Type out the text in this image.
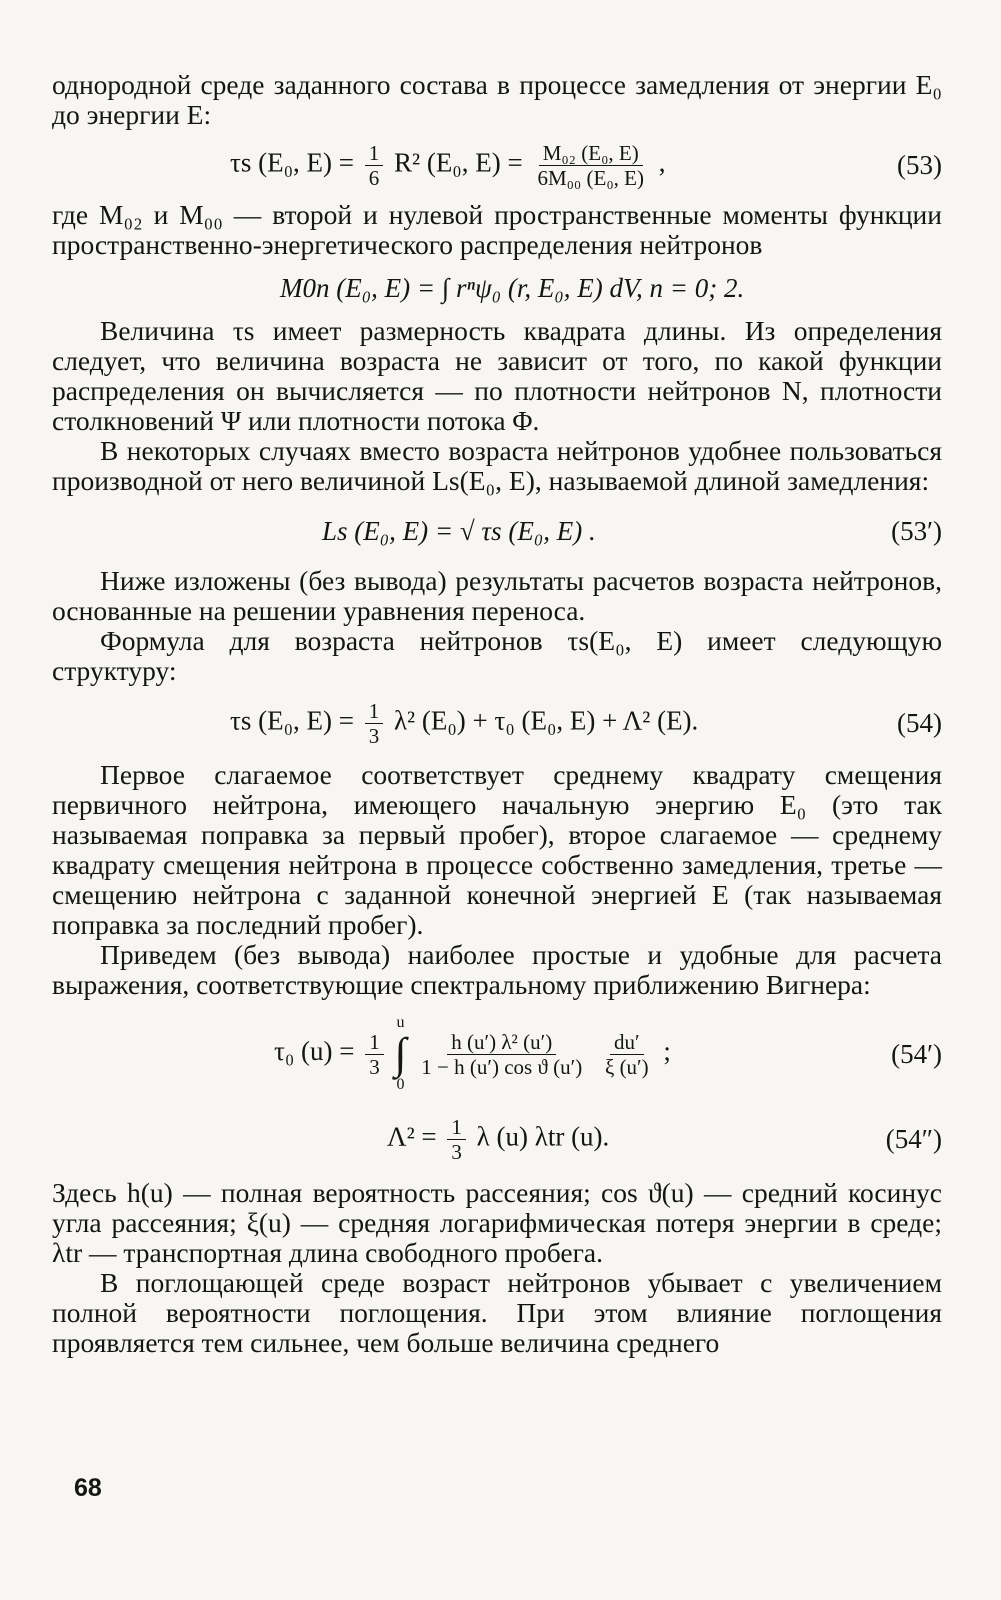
однородной среде заданного состава в процессе замедления от энергии E₀ до энергии E:

τs (E₀, $E) = \frac{1}{6} R^2$ (E₀, $E) = \frac{\text{M₀₂ (E₀, E)}}{\text{6M₀₀ (E₀, E)}}$ ,	(53)

где M₀₂ и M₀₀ — второй и нулевой пространственные моменты функции пространственно-энергетического распределения нейтронов

M0n (E₀, E) = ∫ rⁿψ₀ (r, E₀, E) dV, n = 0; 2.

Величина τs имеет размерность квадрата длины. Из определения следует, что величина возраста не зависит от того, по какой функции распределения он вычисляется — по плотности нейтронов N, плотности столкновений Ψ или плотности потока Φ.

В некоторых случаях вместо возраста нейтронов удобнее пользоваться производной от него величиной Ls(E₀, E), называемой длиной замедления:

Ls (E₀, E) = √ τs (E₀, E) .	(53′)

Ниже изложены (без вывода) результаты расчетов возраста нейтронов, основанные на решении уравнения переноса.

Формула для возраста нейтронов τs(E₀, E) имеет следующую структуру:

τs (E₀, $E) = \frac{1}{3} \lambda^2$ (E₀) + τ₀ (E₀, E) + Λ² (E).	(54)

Первое слагаемое соответствует среднему квадрату смещения первичного нейтрона, имеющего начальную энергию E₀ (это так называемая поправка за первый пробег), второе слагаемое — среднему квадрату смещения нейтрона в процессе собственно замедления, третье — смещению нейтрона с заданной конечной энергией E (так называемая поправка за последний пробег).

Приведем (без вывода) наиболее простые и удобные для расчета выражения, соответствующие спектральному приближению Вигнера:

τ₀ $(u) = \frac{1}{3}$

u
∫
0

$\frac{\text{h (u′) λ² (u′)}}{\text{1 − h (u′) cos ϑ (u′)}}$
$\frac{du'}{\xi (u')}$ ;	(54′)
$\Lambda^2 = \frac{1}{3}$ λ (u) λtr (u).	(54″)

Здесь h(u) — полная вероятность рассеяния; cos ϑ(u) — средний косинус угла рассеяния; ξ(u) — средняя логарифмическая потеря энергии в среде; λtr — транспортная длина свободного пробега.

В поглощающей среде возраст нейтронов убывает с увеличением полной вероятности поглощения. При этом влияние поглощения проявляется тем сильнее, чем больше величина среднего

68
